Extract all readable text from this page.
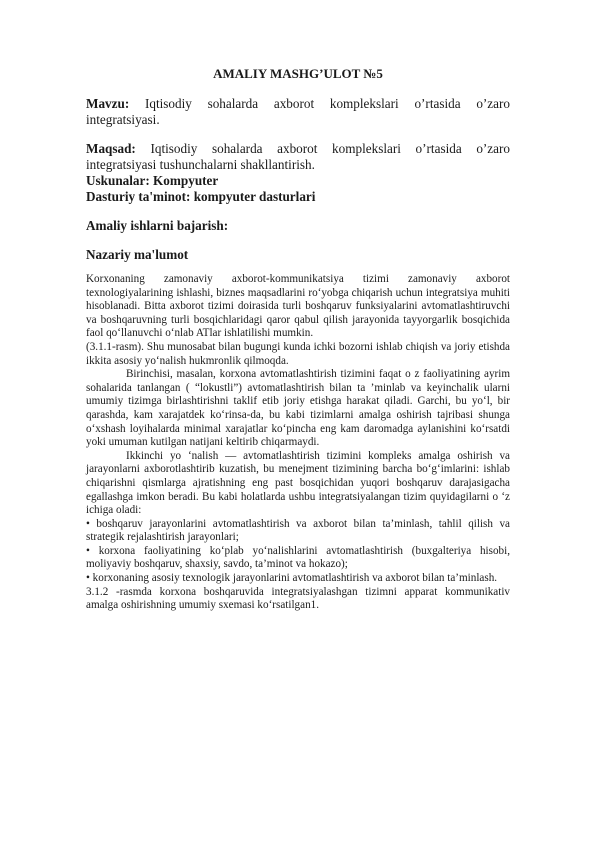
AMALIY MASHG’ULOT №5

Mavzu: Iqtisodiy sohalarda axborot komplekslari o’rtasida o’zaro integratsiyasi.

Maqsad: Iqtisodiy sohalarda axborot komplekslari o’rtasida o’zaro integratsiyasi tushunchalarni shakllantirish.

Uskunalar: Kompyuter

Dasturiy ta'minot: kompyuter dasturlari

Amaliy ishlarni bajarish:

Nazariy ma'lumot

Korxonaning zamonaviy axborot-kommunikatsiya tizimi zamonaviy axborot texnologiyalarining ishlashi, biznes maqsadlarini ro‘yobga chiqarish uchun integratsiya muhiti hisoblanadi. Bitta axborot tizimi doirasida turli boshqaruv funksiyalarini avtomatlashtiruvchi va boshqaruvning turli bosqichlaridagi qaror qabul qilish jarayonida tayyorgarlik bosqichida faol qo‘llanuvchi o‘nlab ATlar ishlatilishi mumkin.

(3.1.1-rasm). Shu munosabat bilan bugungi kunda ichki bozorni ishlab chiqish va joriy etishda ikkita asosiy yo‘nalish hukmronlik qilmoqda.

Birinchisi, masalan, korxona avtomatlashtirish tizimini faqat o z faoliyatining ayrim sohalarida tanlangan ( “lokustli”) avtomatlashtirish bilan ta ’minlab va keyinchalik ularni umumiy tizimga birlashtirishni taklif etib joriy etishga harakat qiladi. Garchi, bu yo‘l, bir qarashda, kam xarajatdek ko‘rinsa-da, bu kabi tizimlarni amalga oshirish tajribasi shunga o‘xshash loyihalarda minimal xarajatlar ko‘pincha eng kam daromadga aylanishini ko‘rsatdi yoki umuman kutilgan natijani keltirib chiqarmaydi.

Ikkinchi yo ‘nalish — avtomatlashtirish tizimini kompleks amalga oshirish va jarayonlarni axborotlashtirib kuzatish, bu menejment tizimining barcha bo‘g‘imlarini: ishlab chiqarishni qismlarga ajratishning eng past bosqichidan yuqori boshqaruv darajasigacha egallashga imkon beradi. Bu kabi holatlarda ushbu integratsiyalangan tizim quyidagilarni o ‘z ichiga oladi:

• boshqaruv jarayonlarini avtomatlashtirish va axborot bilan ta’minlash, tahlil qilish va strategik rejalashtirish jarayonlari;

• korxona faoliyatining ko‘plab yo‘nalishlarini avtomatlashtirish (buxgalteriya hisobi, moliyaviy boshqaruv, shaxsiy, savdo, ta’minot va hokazo);

• korxonaning asosiy texnologik jarayonlarini avtomatlashtirish va axborot bilan ta’minlash.

3.1.2 -rasmda korxona boshqaruvida integratsiyalashgan tizimni apparat kommunikativ amalga oshirishning umumiy sxemasi ko‘rsatilgan1.
